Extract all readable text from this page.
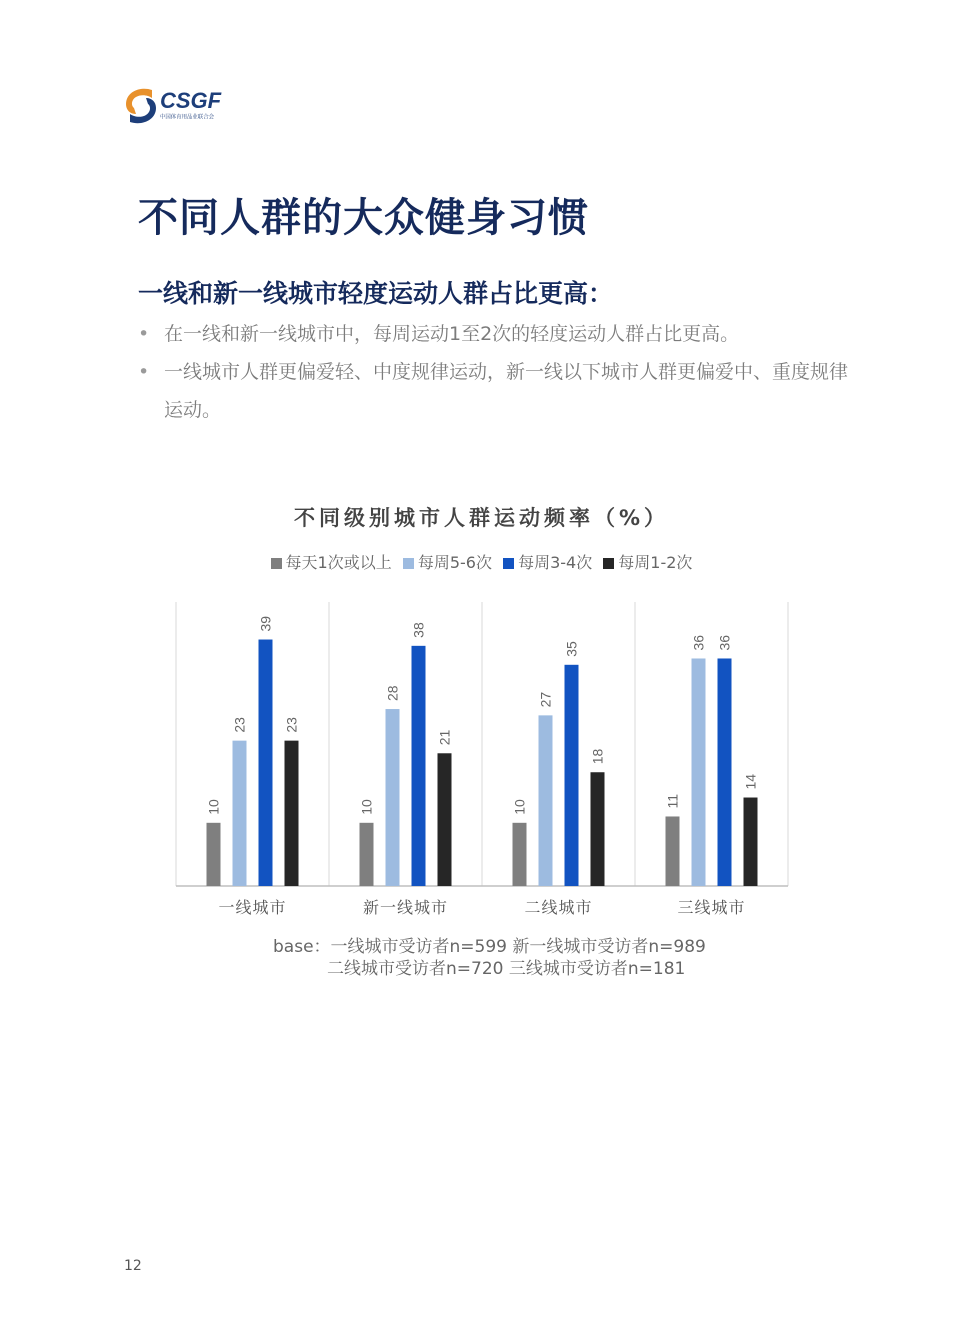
CSGF
中国体育用品业联合会
不同人群的大众健身习惯
一线和新一线城市轻度运动人群占比更高：
• 在一线和新一线城市中，每周运动1至2次的轻度运动人群占比更高。
• 一线城市人群更偏爱轻、中度规律运动，新一线以下城市人群更偏爱中、重度规律运动。
不同级别城市人群运动频率（%）
每天1次或以上 每周5-6次 每周3-4次 每周1-2次
10
23
39
23
一线城市
10
28
38
21
新一线城市
10
27
35
18
二线城市
11
36 36
14
三线城市
base：一线城市受访者n=599 新一线城市受访者n=989
二线城市受访者n=720 三线城市受访者n=181
12
